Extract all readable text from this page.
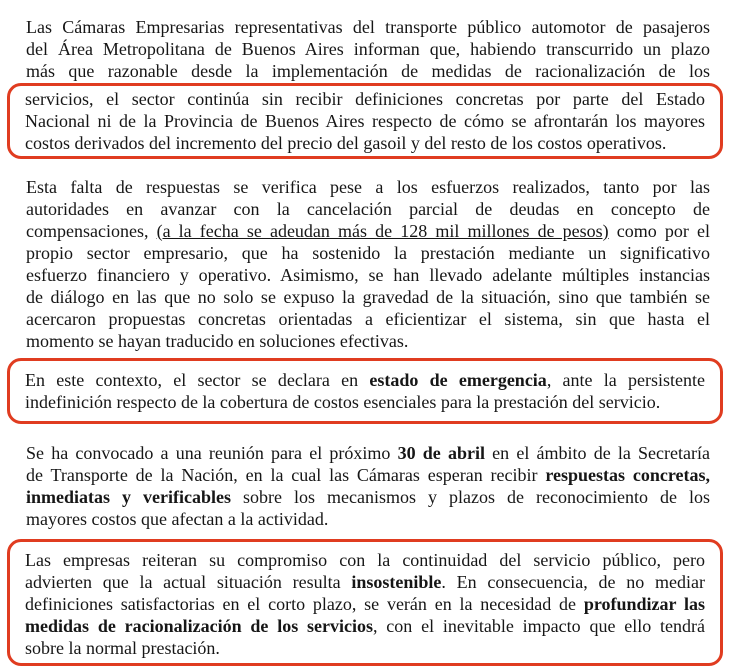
Las Cámaras Empresarias representativas del transporte público automotor de pasajeros
del Área Metropolitana de Buenos Aires informan que, habiendo transcurrido un plazo
más que razonable desde la implementación de medidas de racionalización de los
servicios, el sector continúa sin recibir definiciones concretas por parte del Estado
Nacional ni de la Provincia de Buenos Aires respecto de cómo se afrontarán los mayores
costos derivados del incremento del precio del gasoil y del resto de los costos operativos.
Esta falta de respuestas se verifica pese a los esfuerzos realizados, tanto por las
autoridades en avanzar con la cancelación parcial de deudas en concepto de
compensaciones, (a la fecha se adeudan más de 128 mil millones de pesos) como por el
propio sector empresario, que ha sostenido la prestación mediante un significativo
esfuerzo financiero y operativo. Asimismo, se han llevado adelante múltiples instancias
de diálogo en las que no solo se expuso la gravedad de la situación, sino que también se
acercaron propuestas concretas orientadas a eficientizar el sistema, sin que hasta el
momento se hayan traducido en soluciones efectivas.
En este contexto, el sector se declara en estado de emergencia, ante la persistente
indefinición respecto de la cobertura de costos esenciales para la prestación del servicio.
Se ha convocado a una reunión para el próximo 30 de abril en el ámbito de la Secretaría
de Transporte de la Nación, en la cual las Cámaras esperan recibir respuestas concretas,
inmediatas y verificables sobre los mecanismos y plazos de reconocimiento de los
mayores costos que afectan a la actividad.
Las empresas reiteran su compromiso con la continuidad del servicio público, pero
advierten que la actual situación resulta insostenible. En consecuencia, de no mediar
definiciones satisfactorias en el corto plazo, se verán en la necesidad de profundizar las
medidas de racionalización de los servicios, con el inevitable impacto que ello tendrá
sobre la normal prestación.
